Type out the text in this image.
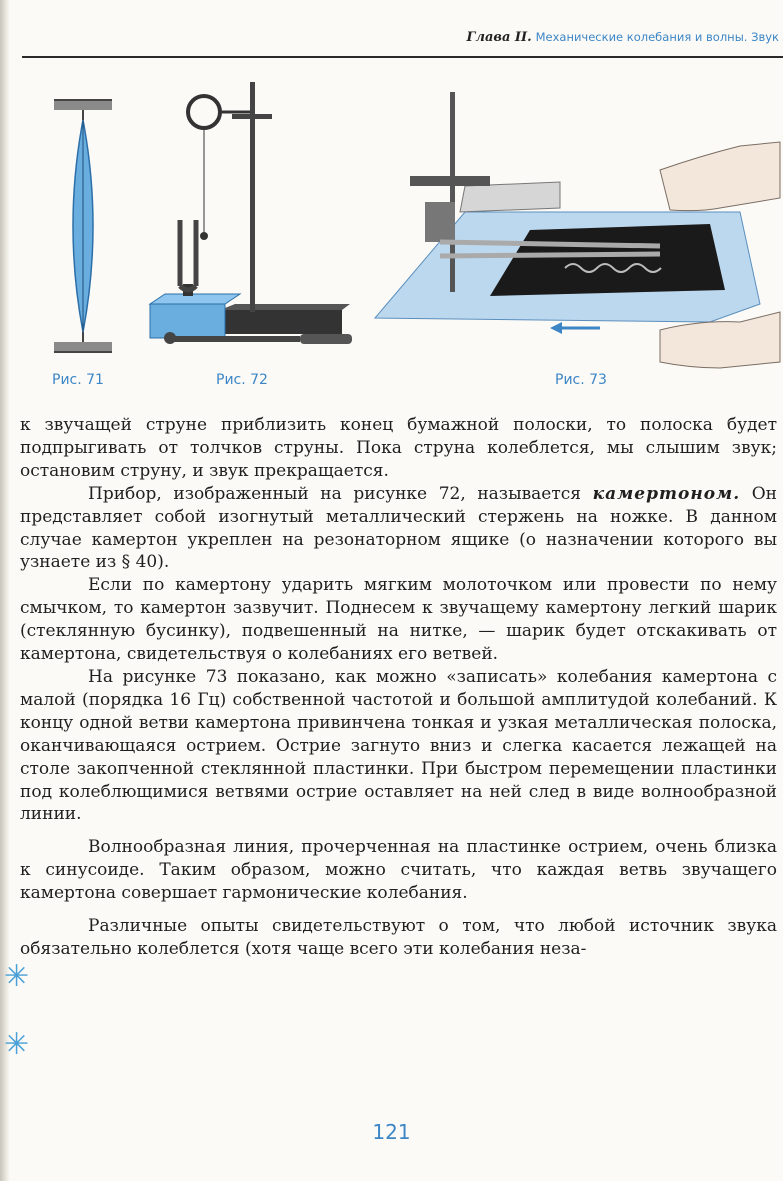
Глава II. Механические колебания и волны. Звук
Рис. 71	Рис. 72	Рис. 73

к звучащей струне приблизить конец бумажной полоски, то полоска будет подпрыгивать от толчков струны. Пока струна колеблется, мы слышим звук; остановим струну, и звук прекращается.

Прибор, изображенный на рисунке 72, называется камертоном. Он представляет собой изогнутый металлический стержень на ножке. В данном случае камертон укреплен на резонаторном ящике (о назначении которого вы узнаете из § 40).

Если по камертону ударить мягким молоточком или провести по нему смычком, то камертон зазвучит. Поднесем к звучащему камертону легкий шарик (стеклянную бусинку), подвешенный на нитке, — шарик будет отскакивать от камертона, свидетельствуя о колебаниях его ветвей.

На рисунке 73 показано, как можно «записать» колебания камертона с малой (порядка 16 Гц) собственной частотой и большой амплитудой колебаний. К концу одной ветви камертона привинчена тонкая и узкая металлическая полоска, оканчивающаяся острием. Острие загнуто вниз и слегка касается лежащей на столе закопченной стеклянной пластинки. При быстром перемещении пластинки под колеблющимися ветвями острие оставляет на ней след в виде волнообразной линии.

Волнообразная линия, прочерченная на пластинке острием, очень близка к синусоиде. Таким образом, можно считать, что каждая ветвь звучащего камертона совершает гармонические колебания.

Различные опыты свидетельствуют о том, что любой источник звука обязательно колеблется (хотя чаще всего эти колебания неза-

✳
✳
121
